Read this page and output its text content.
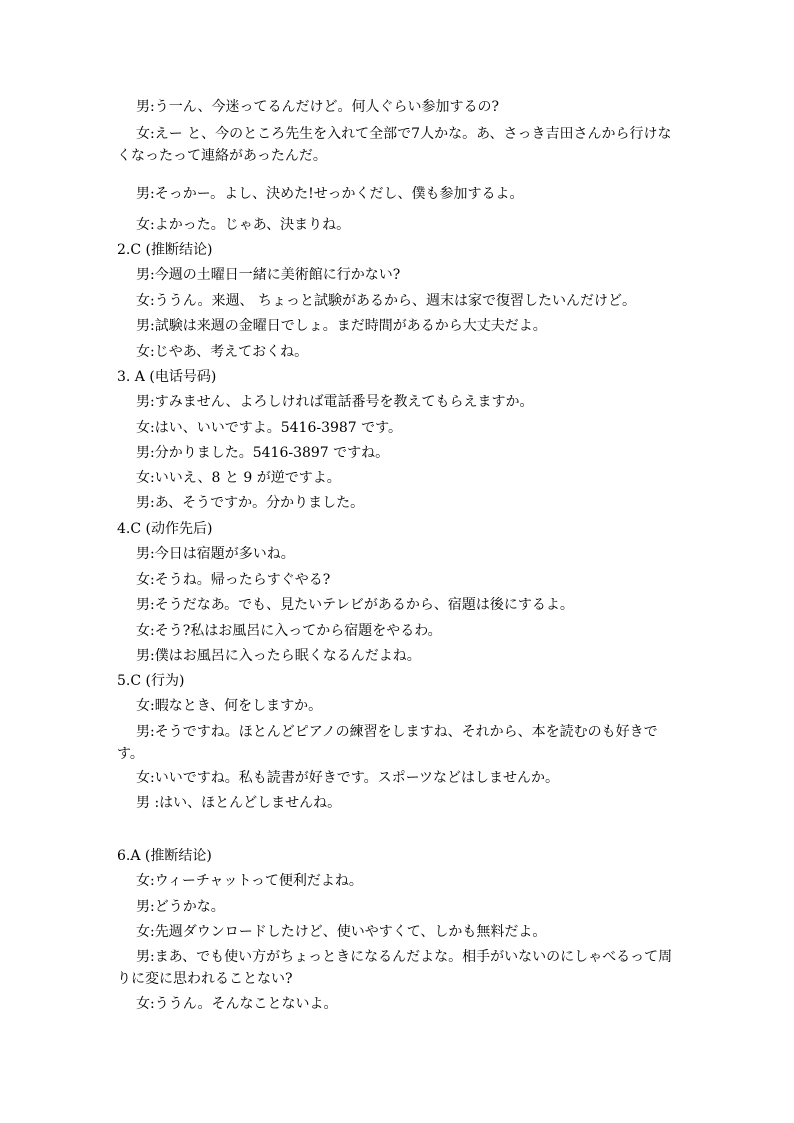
男:う一ん、今迷ってるんだけど。何人ぐらい参加するの?
女:えー と、今のところ先生を入れて全部で7人かな。あ、さっき吉田さんから行けなくなったって連絡があったんだ。
男:そっかー。よし、決めた!せっかくだし、僕も参加するよ。
女:よかった。じゃあ、決まりね。
2.C (推断结论)
男:今週の土曜日一緒に美術館に行かない?
女:ううん。来週、 ちょっと試験があるから、週末は家で復習したいんだけど。
男:試験は来週の金曜日でしょ。まだ時間があるから大丈夫だよ。
女:じやあ、考えておくね。
3. A (电话号码)
男:すみません、よろしければ電話番号を教えてもらえますか。
女:はい、いいですよ。5416-3987 です。
男:分かりました。5416-3897 ですね。
女:いいえ、8 と 9 が逆ですよ。
男:あ、そうですか。分かりました。
4.C (动作先后)
男:今日は宿題が多いね。
女:そうね。帰ったらすぐやる?
男:そうだなあ。でも、見たいテレビがあるから、宿題は後にするよ。
女:そう?私はお風呂に入ってから宿題をやるわ。
男:僕はお風呂に入ったら眠くなるんだよね。
5.C (行为)
女:暇なとき、何をしますか。
男:そうですね。ほとんどピアノの練習をしますね、それから、本を読むのも好きです。
女:いいですね。私も読書が好きです。スポーツなどはしませんか。
男 :はい、ほとんどしませんね。
6.A (推断结论)
女:ウィーチャットって便利だよね。
男:どうかな。
女:先週ダウンロードしたけど、使いやすくて、しかも無料だよ。
男:まあ、でも使い方がちょっときになるんだよな。相手がいないのにしゃべるって周りに変に思われることない?
女:ううん。そんなことないよ。
